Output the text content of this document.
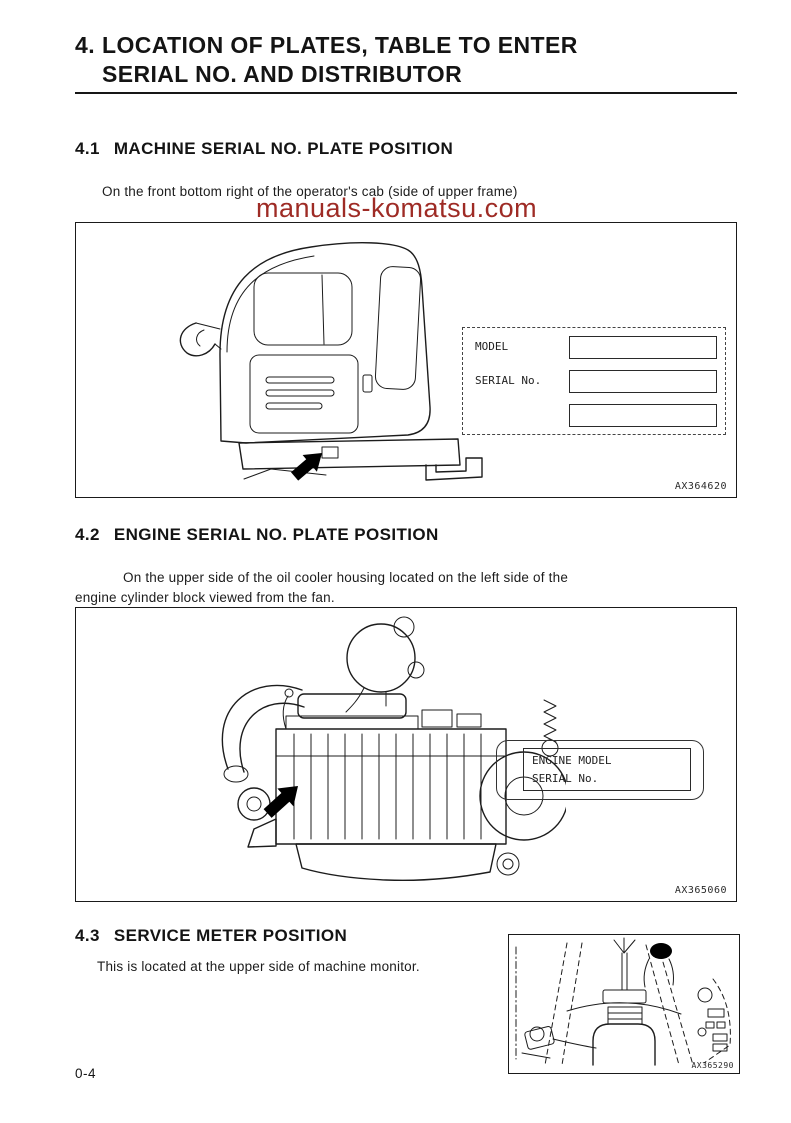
4. LOCATION OF PLATES, TABLE TO ENTER
SERIAL NO. AND DISTRIBUTOR
4.1 MACHINE SERIAL NO. PLATE POSITION

On the front bottom right of the operator's cab (side of upper frame)

manuals-komatsu.com
MODEL
SERIAL No.
AX364620
4.2 ENGINE SERIAL NO. PLATE POSITION

On the upper side of the oil cooler housing located on the left side of the engine cylinder block viewed from the fan.

ENGINE MODEL
SERIAL No.
AX365060
4.3 SERVICE METER POSITION

This is located at the upper side of machine monitor.

AX365290
0-4
